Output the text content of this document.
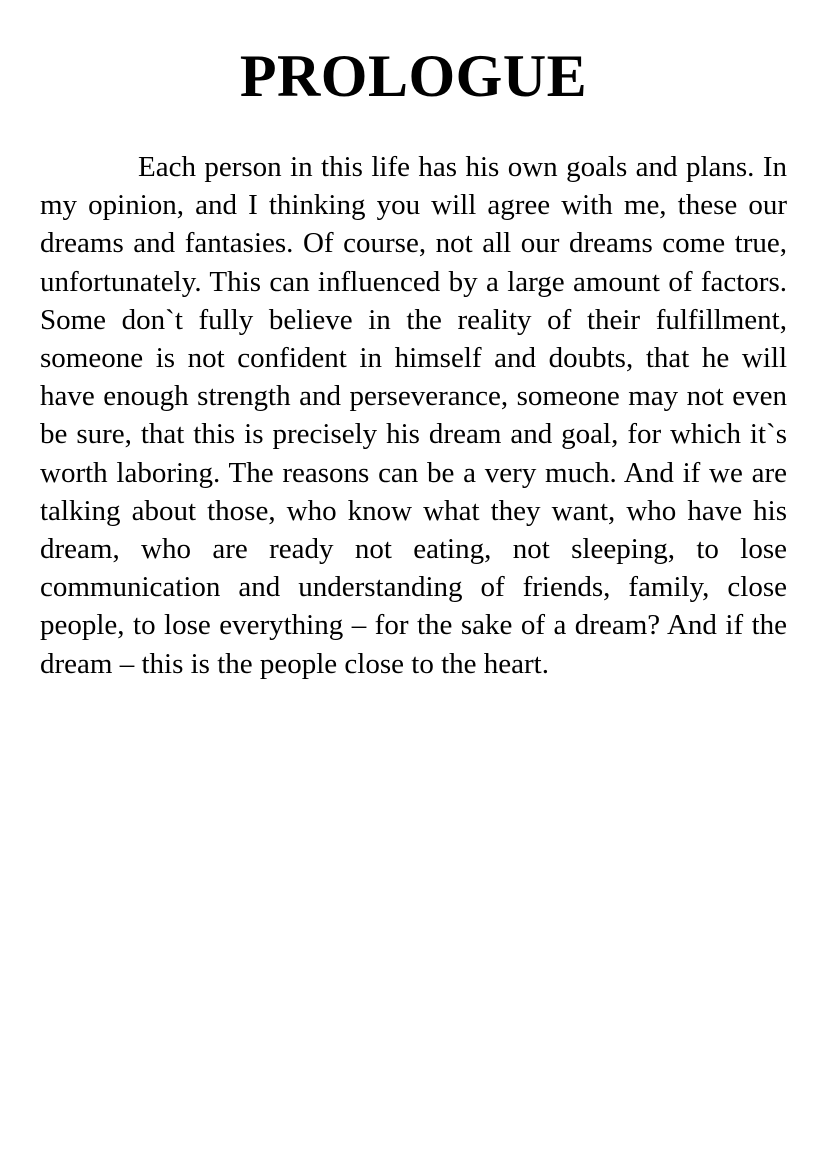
PROLOGUE

Each person in this life has his own goals and plans. In my opinion, and I thinking you will agree with me, these our dreams and fantasies. Of course, not all our dreams come true, unfortunately. This can influenced by a large amount of factors. Some don`t fully believe in the reality of their fulfillment, someone is not confident in himself and doubts, that he will have enough strength and perseverance, someone may not even be sure, that this is precisely his dream and goal, for which it`s worth laboring. The reasons can be a very much. And if we are talking about those, who know what they want, who have his dream, who are ready not eating, not sleeping, to lose communication and understanding of friends, family, close people, to lose everything – for the sake of a dream? And if the dream – this is the people close to the heart.
